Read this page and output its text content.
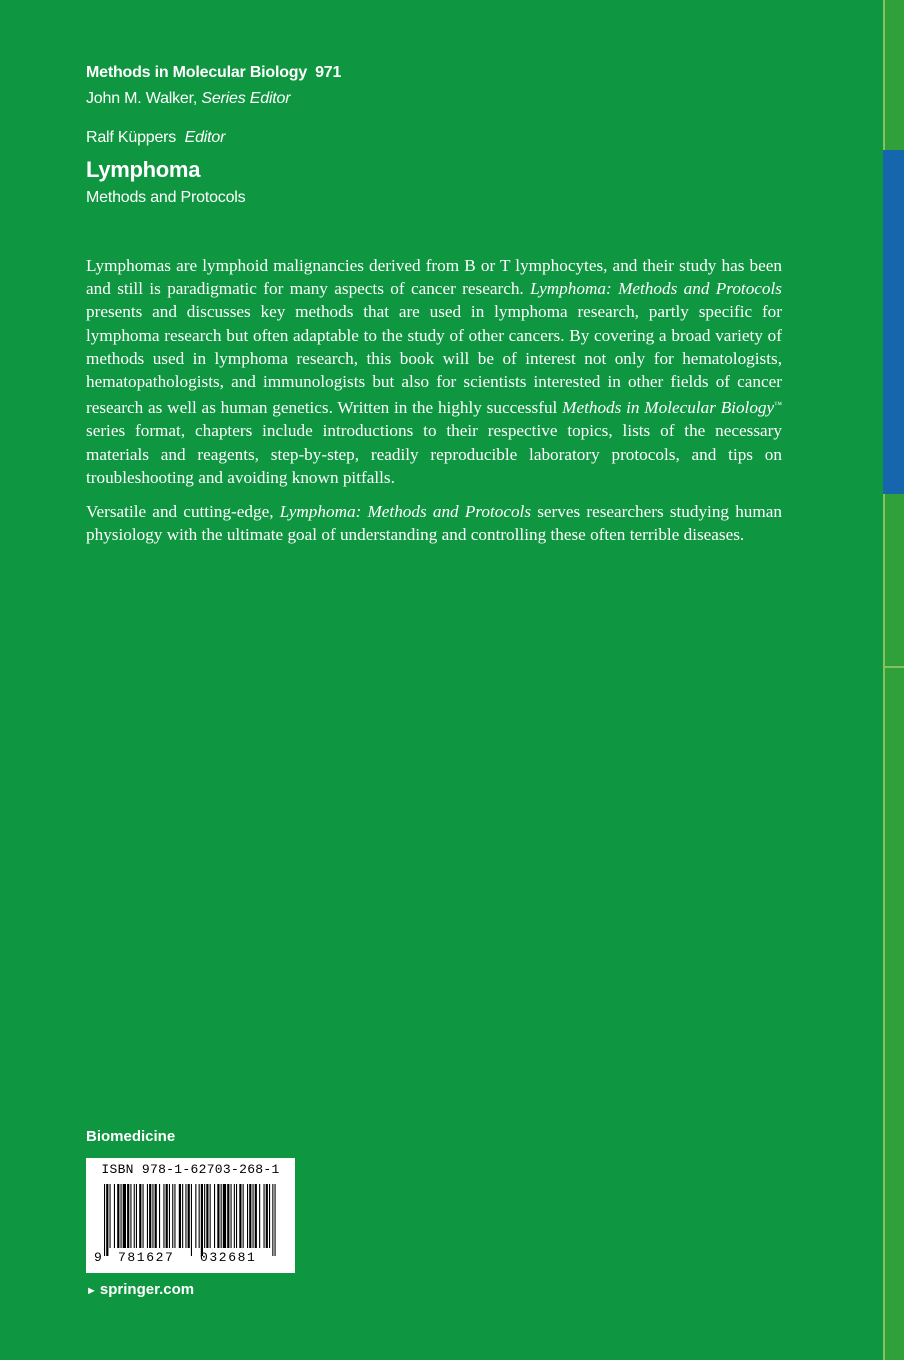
Methods in Molecular Biology 971
John M. Walker, Series Editor
Ralf Küppers Editor
Lymphoma
Methods and Protocols

Lymphomas are lymphoid malignancies derived from B or T lymphocytes, and their study has been and still is paradigmatic for many aspects of cancer research. Lymphoma: Methods and Protocols presents and discusses key methods that are used in lymphoma research, partly specific for lymphoma research but often adaptable to the study of other cancers. By covering a broad variety of methods used in lymphoma research, this book will be of interest not only for hematologists, hematopathologists, and immunologists but also for scientists interested in other fields of cancer research as well as human genetics. Written in the highly successful Methods in Molecular Biology™ series format, chapters include introductions to their respective topics, lists of the necessary materials and reagents, step-by-step, readily reproducible laboratory protocols, and tips on troubleshooting and avoiding known pitfalls.

Versatile and cutting-edge, Lymphoma: Methods and Protocols serves researchers studying human physiology with the ultimate goal of understanding and controlling these often terrible diseases.

Biomedicine
ISBN 978-1-62703-268-1
9 781627 032681
► springer.com
